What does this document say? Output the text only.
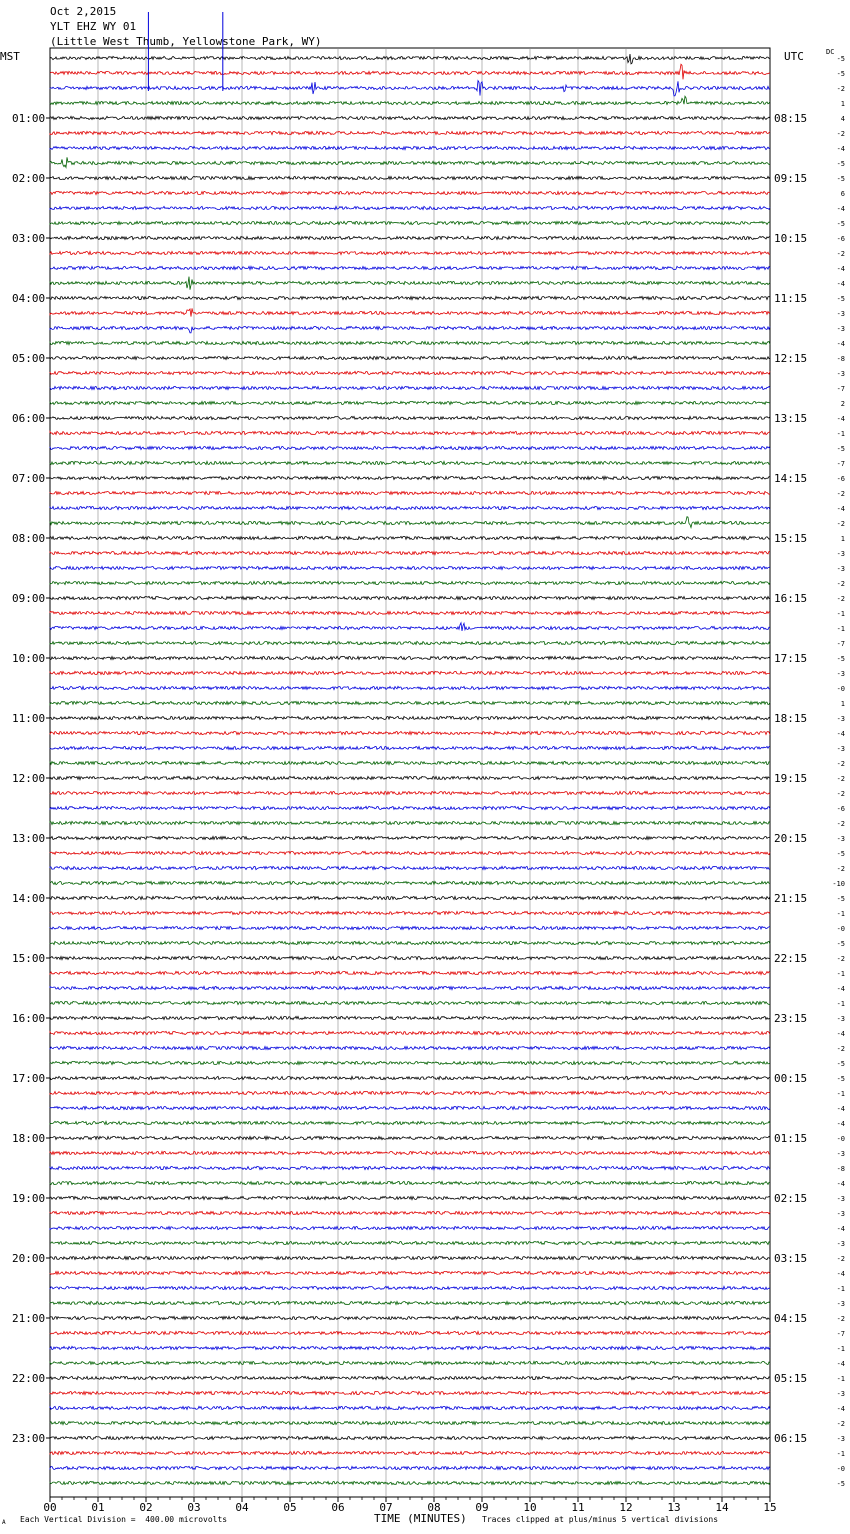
Oct 2,2015
YLT EHZ WY 01
(Little West Thumb, Yellowstone Park, WY)
MST	UTC	DC
-5
-5
-2
1
4
-2
-4
-5
-5
6
-4
-5
-6
-2
-4
-4
-5
-3
-3
-4
-8
-3
-7
2
-4
-1
-5
-7
-6
-2
-4
-2
1
-3
-3
-2
-2
-1
-1
-7
-5
-3
-0
1
-3
-4
-3
-2
-2
-2
-6
-2
-3
-5
-2
-10
-5
-1
-0
-5
-2
-1
-4
-1
-3
-4
-2
-5
-5
-1
-4
-4
-0
-3
-8
-4
-3
-3
-4
-3
-2
-4
-1
-3
-2
-7
-1
-4
-1
-3
-4
-2
-3
-1
-0
-5
01:00
02:00
03:00
04:00
05:00
06:00
07:00
08:00
09:00
10:00
11:00
12:00
13:00
14:00
15:00
16:00
17:00
18:00
19:00
20:00
21:00
22:00
23:00
08:15
09:15
10:15
11:15
12:15
13:15
14:15
15:15
16:15
17:15
18:15
19:15
20:15
21:15
22:15
23:15
00:15
01:15
02:15
03:15
04:15
05:15
06:15
00	01	02	03	04	05	06	07	08	09	10	11	12	13	14	15
A Each Vertical Division =  400.00 microvolts	TIME (MINUTES) Traces clipped at plus/minus 5 vertical divisions
